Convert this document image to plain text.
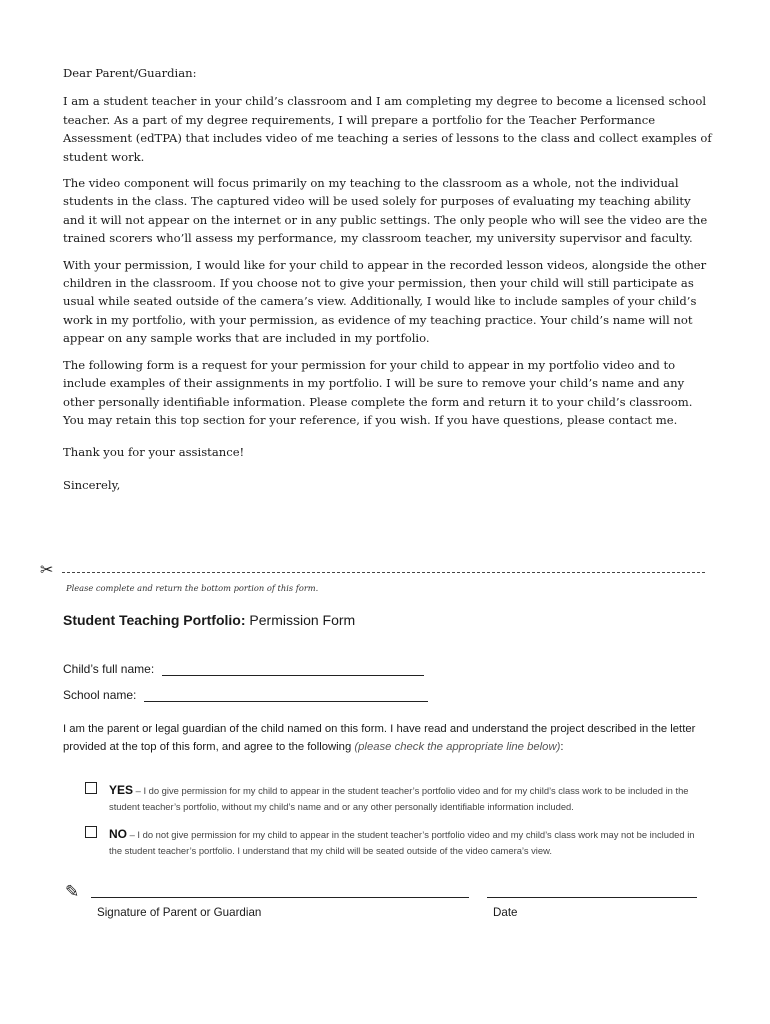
Dear Parent/Guardian:

I am a student teacher in your child’s classroom and I am completing my degree to become a licensed school teacher. As a part of my degree requirements, I will prepare a portfolio for the Teacher Performance Assessment (edTPA) that includes video of me teaching a series of lessons to the class and collect examples of student work.

The video component will focus primarily on my teaching to the classroom as a whole, not the individual students in the class. The captured video will be used solely for purposes of evaluating my teaching ability and it will not appear on the internet or in any public settings. The only people who will see the video are the trained scorers who’ll assess my performance, my classroom teacher, my university supervisor and faculty.

With your permission, I would like for your child to appear in the recorded lesson videos, alongside the other children in the classroom. If you choose not to give your permission, then your child will still participate as usual while seated outside of the camera’s view. Additionally, I would like to include samples of your child’s work in my portfolio, with your permission, as evidence of my teaching practice. Your child’s name will not appear on any sample works that are included in my portfolio.

The following form is a request for your permission for your child to appear in my portfolio video and to include examples of their assignments in my portfolio. I will be sure to remove your child’s name and any other personally identifiable information. Please complete the form and return it to your child’s classroom. You may retain this top section for your reference, if you wish. If you have questions, please contact me.

Thank you for your assistance!

Sincerely,

✂
Please complete and return the bottom portion of this form.
Student Teaching Portfolio: Permission Form
Child’s full name:
School name:
I am the parent or legal guardian of the child named on this form. I have read and understand the project described in the letter provided at the top of this form, and agree to the following (please check the appropriate line below):
YES – I do give permission for my child to appear in the student teacher’s portfolio video and for my child’s class work to be included in the student teacher’s portfolio, without my child’s name and or any other personally identifiable information included.
NO – I do not give permission for my child to appear in the student teacher’s portfolio video and my child’s class work may not be included in the student teacher’s portfolio. I understand that my child will be seated outside of the video camera’s view.
✎
Signature of Parent or Guardian	Date
